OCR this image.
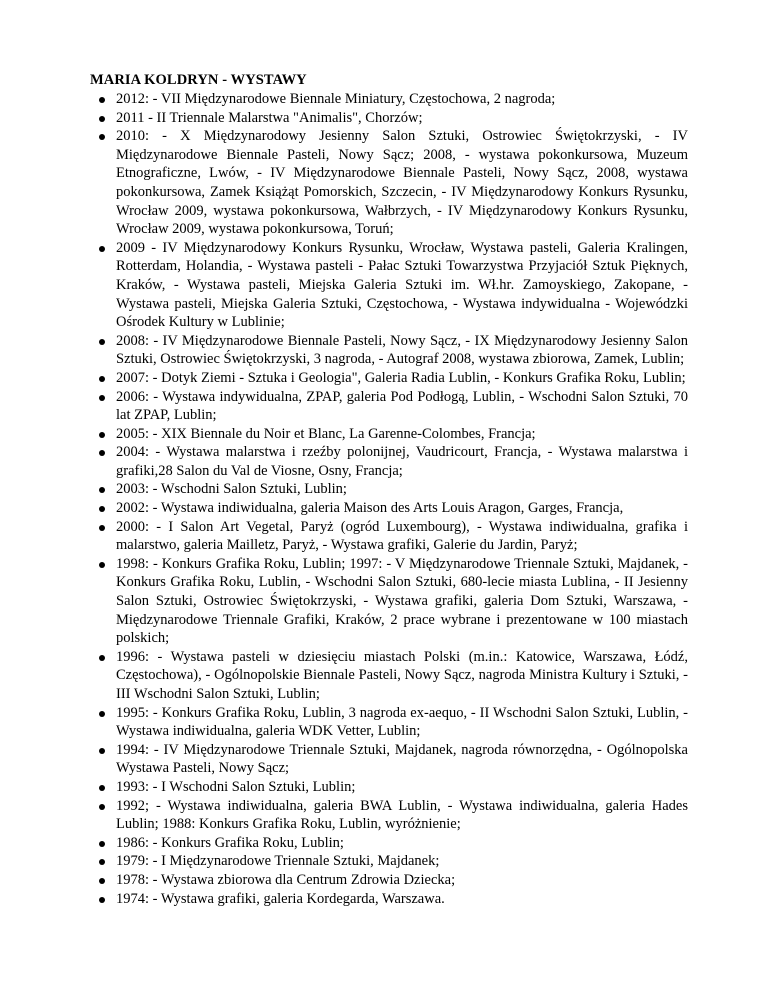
MARIA KOLDRYN - WYSTAWY
2012: - VII Międzynarodowe Biennale Miniatury, Częstochowa, 2 nagroda;
2011 - II Triennale Malarstwa "Animalis", Chorzów;
2010: - X Międzynarodowy Jesienny Salon Sztuki, Ostrowiec Świętokrzyski, - IV Międzynarodowe Biennale Pasteli, Nowy Sącz; 2008, - wystawa pokonkursowa, Muzeum Etnograficzne, Lwów, - IV Międzynarodowe Biennale Pasteli, Nowy Sącz, 2008, wystawa pokonkursowa, Zamek Książąt Pomorskich, Szczecin, - IV Międzynarodowy Konkurs Rysunku, Wrocław 2009, wystawa pokonkursowa, Wałbrzych, - IV Międzynarodowy Konkurs Rysunku, Wrocław 2009, wystawa pokonkursowa, Toruń;
2009 - IV Międzynarodowy Konkurs Rysunku, Wrocław, Wystawa pasteli, Galeria Kralingen, Rotterdam, Holandia, - Wystawa pasteli - Pałac Sztuki Towarzystwa Przyjaciół Sztuk Pięknych, Kraków, - Wystawa pasteli, Miejska Galeria Sztuki im. Wł.hr. Zamoyskiego, Zakopane, - Wystawa pasteli, Miejska Galeria Sztuki, Częstochowa, - Wystawa indywidualna - Wojewódzki Ośrodek Kultury w Lublinie;
2008: - IV Międzynarodowe Biennale Pasteli, Nowy Sącz, - IX Międzynarodowy Jesienny Salon Sztuki, Ostrowiec Świętokrzyski, 3 nagroda, - Autograf 2008, wystawa zbiorowa, Zamek, Lublin;
2007: - Dotyk Ziemi - Sztuka i Geologia", Galeria Radia Lublin, - Konkurs Grafika Roku, Lublin;
2006: - Wystawa indywidualna, ZPAP, galeria Pod Podłogą, Lublin, - Wschodni Salon Sztuki, 70 lat ZPAP, Lublin;
2005: - XIX Biennale du Noir et Blanc, La Garenne-Colombes, Francja;
2004: - Wystawa malarstwa i rzeźby polonijnej, Vaudricourt, Francja, - Wystawa malarstwa i grafiki,28 Salon du Val de Viosne, Osny, Francja;
2003: - Wschodni Salon Sztuki, Lublin;
2002: - Wystawa indiwidualna, galeria Maison des Arts Louis Aragon, Garges, Francja,
2000: - I Salon Art Vegetal, Paryż (ogród Luxembourg), - Wystawa indiwidualna, grafika i malarstwo, galeria Mailletz, Paryż, - Wystawa grafiki, Galerie du Jardin, Paryż;
1998: - Konkurs Grafika Roku, Lublin; 1997: - V Międzynarodowe Triennale Sztuki, Majdanek, - Konkurs Grafika Roku, Lublin, - Wschodni Salon Sztuki, 680-lecie miasta Lublina, - II Jesienny Salon Sztuki, Ostrowiec Świętokrzyski, - Wystawa grafiki, galeria Dom Sztuki, Warszawa, - Międzynarodowe Triennale Grafiki, Kraków, 2 prace wybrane i prezentowane w 100 miastach polskich;
1996: - Wystawa pasteli w dziesięciu miastach Polski (m.in.: Katowice, Warszawa, Łódź, Częstochowa), - Ogólnopolskie Biennale Pasteli, Nowy Sącz, nagroda Ministra Kultury i Sztuki, - III Wschodni Salon Sztuki, Lublin;
1995: - Konkurs Grafika Roku, Lublin, 3 nagroda ex-aequo, - II Wschodni Salon Sztuki, Lublin, - Wystawa indiwidualna, galeria WDK Vetter, Lublin;
1994: - IV Międzynarodowe Triennale Sztuki, Majdanek, nagroda równorzędna, - Ogólnopolska Wystawa Pasteli, Nowy Sącz;
1993: - I Wschodni Salon Sztuki, Lublin;
1992; - Wystawa indiwidualna, galeria BWA Lublin, - Wystawa indiwidualna, galeria Hades Lublin; 1988: Konkurs Grafika Roku, Lublin, wyróżnienie;
1986: - Konkurs Grafika Roku, Lublin;
1979: - I Międzynarodowe Triennale Sztuki, Majdanek;
1978: - Wystawa zbiorowa dla Centrum Zdrowia Dziecka;
1974: - Wystawa grafiki, galeria Kordegarda, Warszawa.
